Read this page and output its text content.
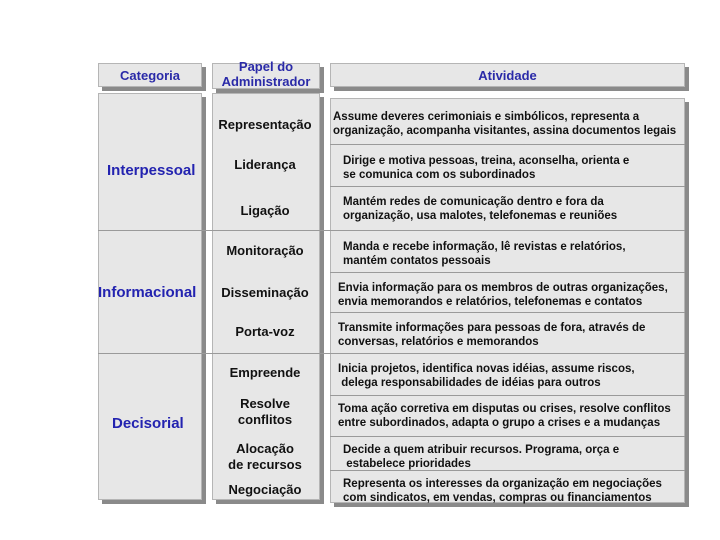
Categoria
Papel do
Administrador	Atividade
Interpessoal
Informacional
Decisorial
Representação
Liderança
Ligação
Monitoração
Disseminação
Porta-voz
Empreende
Resolve
conflitos
Alocação
de recursos
Negociação
Assume deveres cerimoniais e simbólicos, representa a
organização, acompanha visitantes, assina documentos legais
Dirige e motiva pessoas, treina, aconselha, orienta e
se comunica com os subordinados
Mantém redes de comunicação dentro e fora da
organização, usa malotes, telefonemas e reuniões
Manda e recebe informação, lê revistas e relatórios,
mantém contatos pessoais
Envia informação para os membros de outras organizações,
envia memorandos e relatórios, telefonemas e contatos
Transmite informações para pessoas de fora, através de
conversas, relatórios e memorandos
Inicia projetos, identifica novas idéias, assume riscos,
delega responsabilidades de idéias para outros
Toma ação corretiva em disputas ou crises, resolve conflitos
entre subordinados, adapta o grupo a crises e a mudanças
Decide a quem atribuir recursos. Programa, orça e
estabelece prioridades
Representa os interesses da organização em negociações
com sindicatos, em vendas, compras ou financiamentos
